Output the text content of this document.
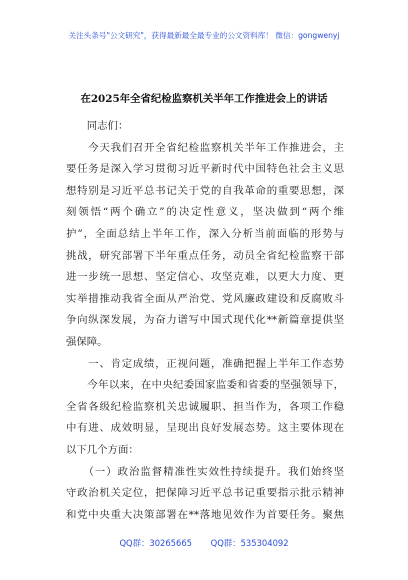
关注头条号"公文研究"，获得最新最全最专业的公文资料库！ 微信：gongwenyj
在2025年全省纪检监察机关半年工作推进会上的讲话
　　同志们：
　　今天我们召开全省纪检监察机关半年工作推进会，主
要任务是深入学习贯彻习近平新时代中国特色社会主义思
想特别是习近平总书记关于党的自我革命的重要思想，深
刻领悟“两个确立”的决定性意义，坚决做到“两个维
护”，全面总结上半年工作，深入分析当前面临的形势与
挑战，研究部署下半年重点任务，动员全省纪检监察干部
进一步统一思想、坚定信心、攻坚克难，以更大力度、更
实举措推动我省全面从严治党、党风廉政建设和反腐败斗
争向纵深发展，为奋力谱写中国式现代化**新篇章提供坚
强保障。
　　一、肯定成绩，正视问题，准确把握上半年工作态势
　　今年以来，在中央纪委国家监委和省委的坚强领导下，
全省各级纪检监察机关忠诚履职、担当作为，各项工作稳
中有进、成效明显，呈现出良好发展态势。这主要体现在
以下几个方面：
　　（一）政治监督精准性实效性持续提升。我们始终坚
守政治机关定位，把保障习近平总书记重要指示批示精神
和党中央重大决策部署在**落地见效作为首要任务。聚焦
QQ群：30265665 QQ群：535304092
